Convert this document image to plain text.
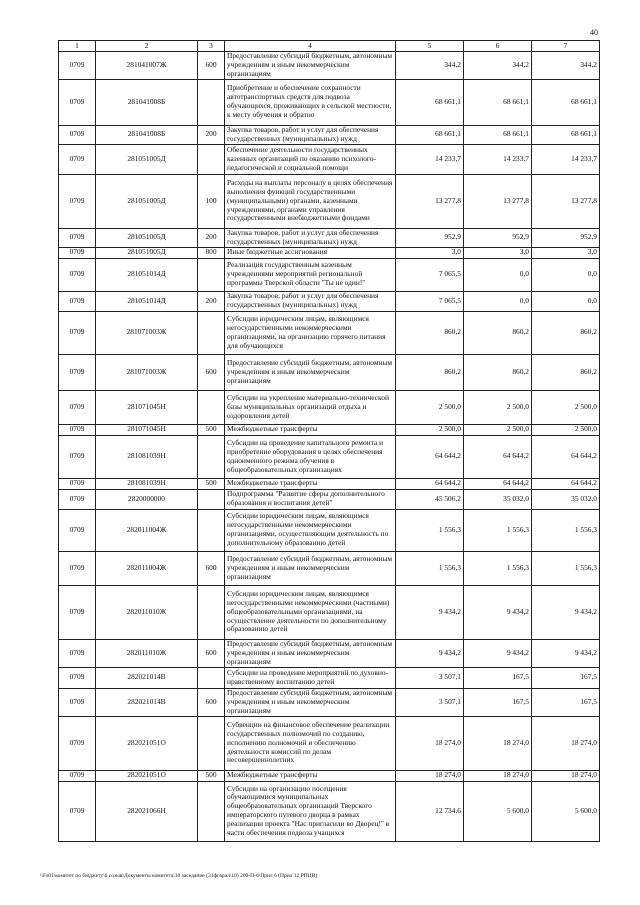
40
1	2	3	4	5	6	7
0709	281041007Ж	600	Предоставление субсидий бюджетным, автономным учреждениям и иным некоммерческим организациям	344,2	344,2	344,2
0709	281041008Б		Приобретение и обеспечение сохранности автотранспортных средств для подвоза обучающихся, проживающих в сельской местности, к месту обучения и обратно	68 661,1	68 661,1	68 661,1
0709	281041008Б	200	Закупка товаров, работ и услуг для обеспечения государственных (муниципальных) нужд	68 661,1	68 661,1	68 661,1
0709	281051005Д		Обеспечение деятельности государственных казенных организаций по оказанию психолого-педагогической и социальной помощи	14 233,7	14 233,7	14 233,7
0709	281051005Д	100	Расходы на выплаты персоналу в целях обеспечения выполнения функций государственными (муниципальными) органами, казенными учреждениями, органами управления государственными внебюджетными фондами	13 277,8	13 277,8	13 277,8
0709	281051005Д	200	Закупка товаров, работ и услуг для обеспечения государственных (муниципальных) нужд	952,9	952,9	952,9
0709	281051005Д	800	Иные бюджетные ассигнования	3,0	3,0	3,0
0709	281051014Д		Реализация государственным казенным учреждениями мероприятий региональной программы Тверской области "Ты не один!"	7 065,5	0,0	0,0
0709	281051014Д	200	Закупка товаров, работ и услуг для обеспечения государственных (муниципальных) нужд	7 065,5	0,0	0,0
0709	281071003Ж		Субсидии юридическим лицам, являющимся негосударственными некоммерческими организациями, на организацию горячего питания для обучающихся	860,2	860,2	860,2
0709	281071003Ж	600	Предоставление субсидий бюджетным, автономным учреждениям и иным некоммерческим организациям	860,2	860,2	860,2
0709	281071045Н		Субсидии на укрепление материально-технической базы муниципальных организаций отдыха и оздоровления детей	2 500,0	2 500,0	2 500,0
0709	281071045Н	500	Межбюджетные трансферты	2 500,0	2 500,0	2 500,0
0709	281081039Н		Субсидии на проведение капитального ремонта и приобретение оборудования в целях обеспечения одноименного режима обучения в общеобразовательных организациях	64 644,2	64 644,2	64 644,2
0709	281081039Н	500	Межбюджетные трансферты	64 644,2	64 644,2	64 644,2
0709	2820000000		Подпрограмма "Развитие сферы дополнительного образования и воспитания детей"	45 506,2	35 032,0	35 032,0
0709	282011004Ж		Субсидии юридическим лицам, являющимся негосударственными некоммерческими организациями, осуществляющим деятельность по дополнительному образованию детей	1 556,3	1 556,3	1 556,3
0709	282011004Ж	600	Предоставление субсидий бюджетным, автономным учреждениям и иным некоммерческим организациям	1 556,3	1 556,3	1 556,3
0709	282011010Ж		Субсидии юридическим лицам, являющимся негосударственными некоммерческими (частными) общеобразовательными организациями, на осуществление деятельности по дополнительному образованию детей	9 434,2	9 434,2	9 434,2
0709	282011010Ж	600	Предоставление субсидий бюджетным, автономным учреждениям и иным некоммерческим организациям	9 434,2	9 434,2	9 434,2
0709	282021014В		Субсидии на проведение мероприятий по духовно-нравственному воспитанию детей	3 507,1	167,5	167,5
0709	282021014В	600	Предоставление субсидий бюджетным, автономным учреждениям и иным некоммерческим организациям	3 507,1	167,5	167,5
0709	282021051О		Субвенции на финансовое обеспечение реализации государственных полномочий по созданию, исполнению полномочий и обеспечению деятельности комиссий по делам несовершеннолетних	18 274,0	18 274,0	18 274,0
0709	282021051О	500	Межбюджетные трансферты	18 274,0	18 274,0	18 274,0
0709	282021066Н		Субсидии на организацию посещения обучающимися муниципальных общеобразовательных организаций Тверского императорского путевого дворца в рамках реализации проекта "Нас пригласили во Дворец!" в части обеспечения подвоза учащихся	12 734,6	5 600,0	5 600,0
\\Fs01\комитет по бюджету\6 созыв\Документы комитета\10 заседание (31фгврал\10) 209-П-6\Прил 6 (Прил 12 РПЦВ)
